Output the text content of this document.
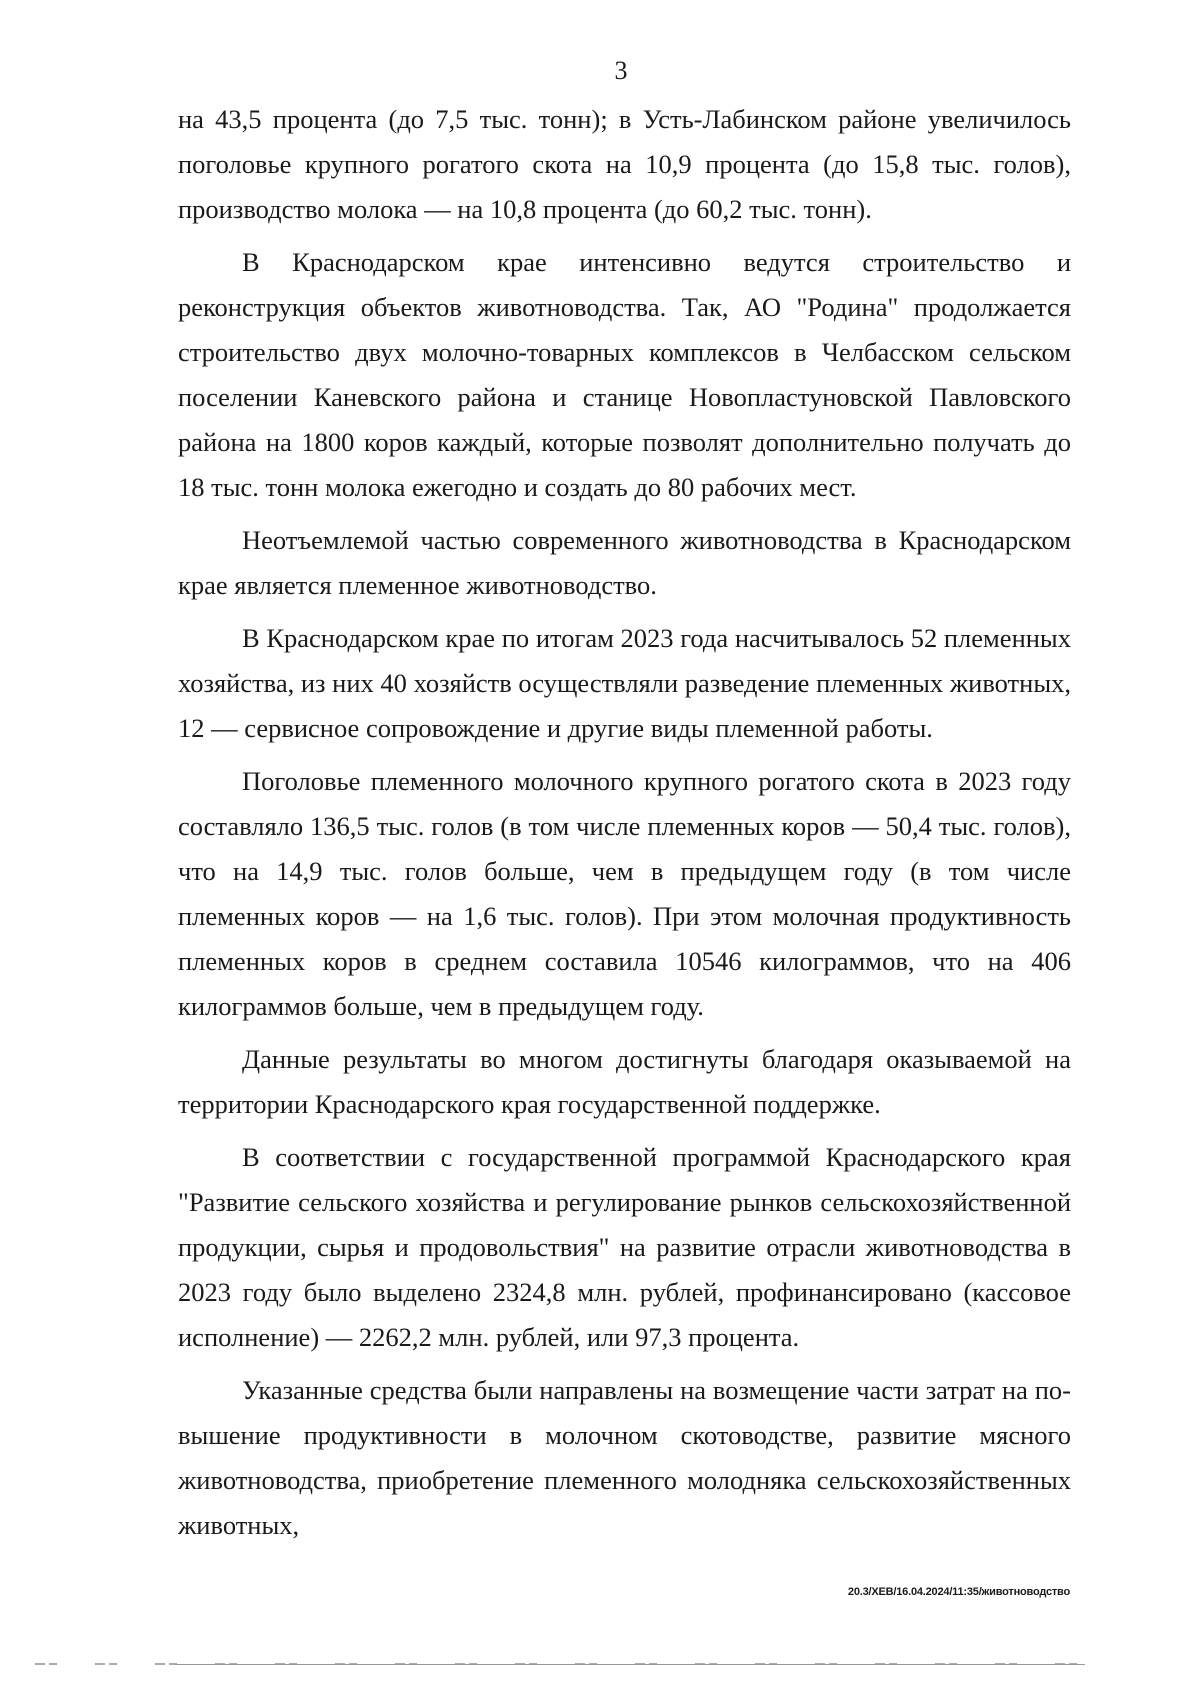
3

на 43,5 процента (до 7,5 тыс. тонн); в Усть-Лабинском районе увеличилось поголовье крупного рогатого скота на 10,9 процента (до 15,8 тыс. голов), производство молока — на 10,8 процента (до 60,2 тыс. тонн).

В Краснодарском крае интенсивно ведутся строительство и реконструкция объектов животноводства. Так, АО "Родина" продолжается строительство двух молочно-товарных комплексов в Челбасском сельском поселении Каневского района и станице Новопластуновской Павловского района на 1800 коров каждый, которые позволят дополнительно получать до 18 тыс. тонн молока ежегодно и создать до 80 рабочих мест.

Неотъемлемой частью современного животноводства в Краснодарском крае является племенное животноводство.

В Краснодарском крае по итогам 2023 года насчитывалось 52 племенных хозяйства, из них 40 хозяйств осуществляли разведение племенных животных, 12 — сервисное сопровождение и другие виды племенной работы.

Поголовье племенного молочного крупного рогатого скота в 2023 году составляло 136,5 тыс. голов (в том числе племенных коров — 50,4 тыс. голов), что на 14,9 тыс. голов больше, чем в предыдущем году (в том числе племенных коров — на 1,6 тыс. голов). При этом молочная продуктивность племенных коров в среднем составила 10546 килограммов, что на 406 килограммов больше, чем в предыдущем году.

Данные результаты во многом достигнуты благодаря оказываемой на территории Краснодарского края государственной поддержке.

В соответствии с государственной программой Краснодарского края "Развитие сельского хозяйства и регулирование рынков сельскохозяйственной продукции, сырья и продовольствия" на развитие отрасли животноводства в 2023 году было выделено 2324,8 млн. рублей, профинансировано (кассовое исполнение) — 2262,2 млн. рублей, или 97,3 процента.

Указанные средства были направлены на возмещение части затрат на повышение продуктивности в молочном скотоводстве, развитие мясного животноводства, приобретение племенного молодняка сельскохозяйственных животных,

20.3/ХЕВ/16.04.2024/11:35/животноводство
